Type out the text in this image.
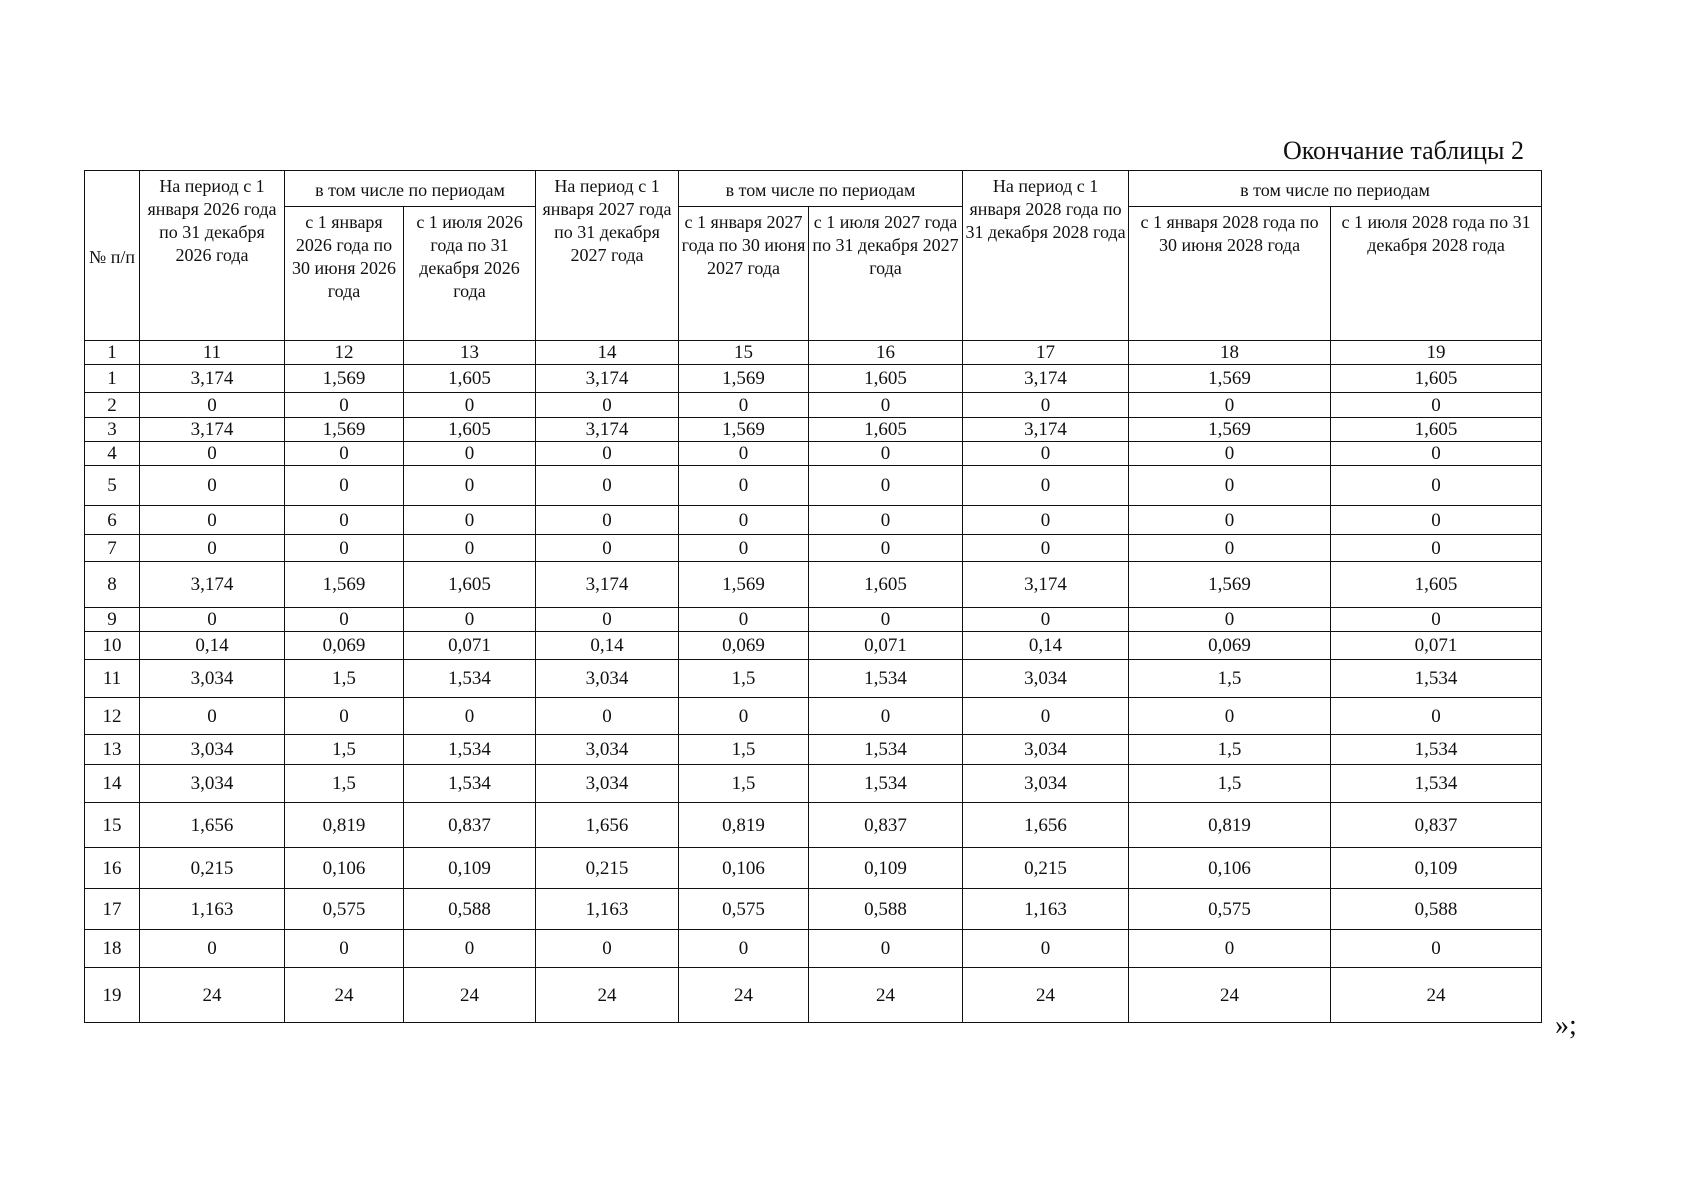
Окончание таблицы 2
№ п/п	На период с 1 января 2026 года по 31 декабря 2026 года	в том числе по периодам		На период с 1 января 2027 года по 31 декабря 2027 года	в том числе по периодам		На период с 1 января 2028 года по 31 декабря 2028 года	в том числе по периодам	
		с 1 января 2026 года по 30 июня 2026 года	с 1 июля 2026 года по 31 декабря 2026 года		с 1 января 2027 года по 30 июня 2027 года	с 1 июля 2027 года по 31 декабря 2027 года		с 1 января 2028 года по 30 июня 2028 года	с 1 июля 2028 года по 31 декабря 2028 года
1	11	12	13	14	15	16	17	18	19
1	3,174	1,569	1,605	3,174	1,569	1,605	3,174	1,569	1,605
2	0	0	0	0	0	0	0	0	0
3	3,174	1,569	1,605	3,174	1,569	1,605	3,174	1,569	1,605
4	0	0	0	0	0	0	0	0	0
5	0	0	0	0	0	0	0	0	0
6	0	0	0	0	0	0	0	0	0
7	0	0	0	0	0	0	0	0	0
8	3,174	1,569	1,605	3,174	1,569	1,605	3,174	1,569	1,605
9	0	0	0	0	0	0	0	0	0
10	0,14	0,069	0,071	0,14	0,069	0,071	0,14	0,069	0,071
11	3,034	1,5	1,534	3,034	1,5	1,534	3,034	1,5	1,534
12	0	0	0	0	0	0	0	0	0
13	3,034	1,5	1,534	3,034	1,5	1,534	3,034	1,5	1,534
14	3,034	1,5	1,534	3,034	1,5	1,534	3,034	1,5	1,534
15	1,656	0,819	0,837	1,656	0,819	0,837	1,656	0,819	0,837
16	0,215	0,106	0,109	0,215	0,106	0,109	0,215	0,106	0,109
17	1,163	0,575	0,588	1,163	0,575	0,588	1,163	0,575	0,588
18	0	0	0	0	0	0	0	0	0
19	24	24	24	24	24	24	24	24	24
»;
